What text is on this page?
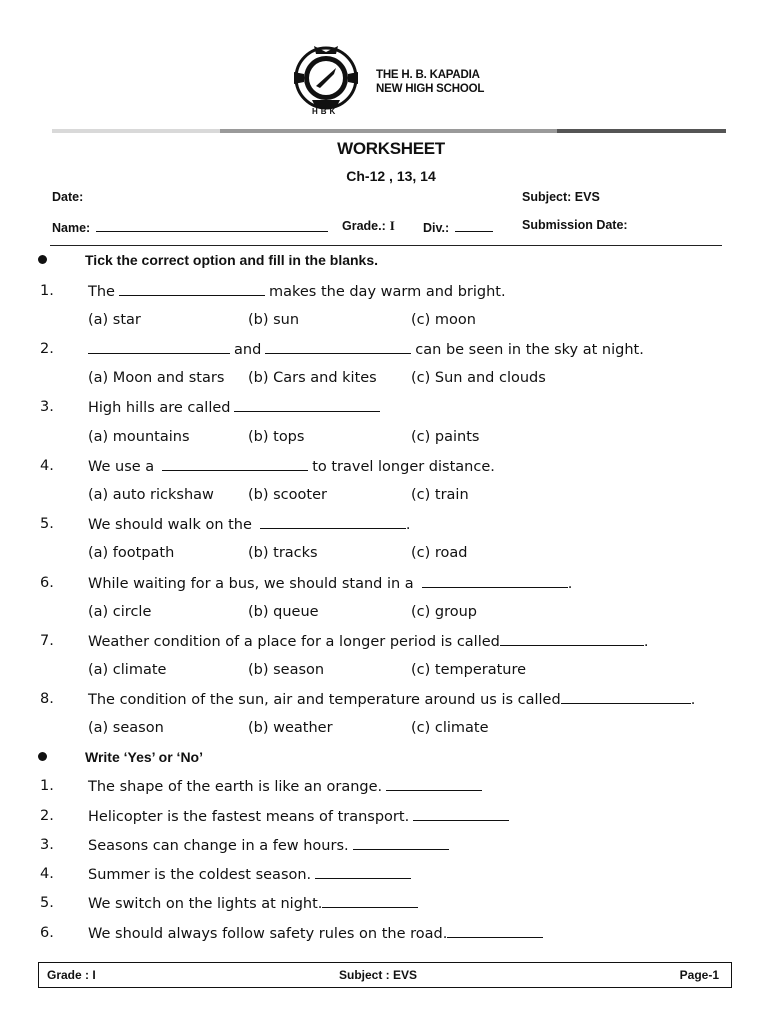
THE H. B. KAPADIA
NEW HIGH SCHOOL
HBK
WORKSHEET
Ch-12 , 13, 14
Date:	Subject: EVS
Name:	Grade.: I Div.:	Submission Date:
Tick the correct option and fill in the blanks.
1. The	makes the day warm and bright.
(a) star	(b) sun	(c) moon
2.	and	can be seen in the sky at night.
(a) Moon and stars (b) Cars and kites (c) Sun and clouds
3. High hills are called
(a) mountains	(b) tops	(c) paints
4. We use a	to travel longer distance.
(a) auto rickshaw (b) scooter	(c) train
5. We should walk on the	.
(a) footpath	(b) tracks	(c) road
6. While waiting for a bus, we should stand in a	.
(a) circle	(b) queue	(c) group
7. Weather condition of a place for a longer period is called	.
(a) climate	(b) season	(c) temperature
8. The condition of the sun, air and temperature around us is called	.
(a) season	(b) weather	(c) climate
Write ‘Yes’ or ‘No’
1. The shape of the earth is like an orange.
2. Helicopter is the fastest means of transport.
3. Seasons can change in a few hours.
4. Summer is the coldest season.
5. We switch on the lights at night.
6. We should always follow safety rules on the road.
Grade : I	Subject : EVS	Page-1
